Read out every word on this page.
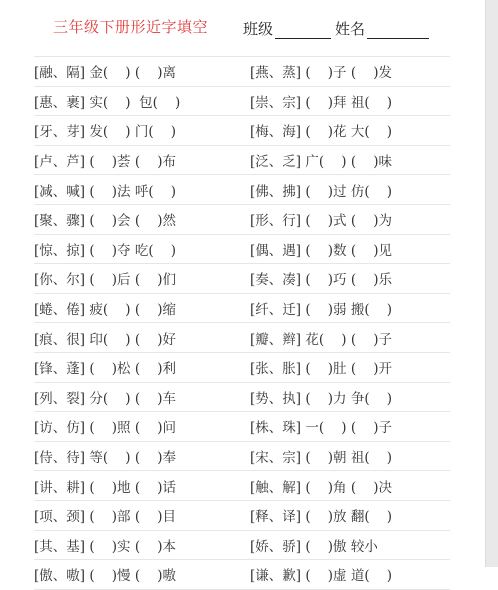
三年级下册形近字填空 班级	姓名
[融、隔] 金(    ) (    )离	[燕、蒸] (    )子 (    )发
[惠、裹] 实(    )  包(    )	[崇、宗] (    )拜 祖(    )
[牙、芽] 发(    ) 门(    )	[梅、海] (    )花 大(    )
[卢、芦] (    )荟 (    )布	[泛、乏] 广(    ) (    )味
[减、喊] (    )法 呼(    )	[佛、拂] (    )过 仿(    )
[聚、骤] (    )会 (    )然	[形、行] (    )式 (    )为
[惊、掠] (    )夺 吃(    )	[偶、遇] (    )数 (    )见
[你、尔] (    )后 (    )们	[奏、凑] (    )巧 (    )乐
[蜷、倦] 疲(    ) (    )缩	[纤、迁] (    )弱 搬(    )
[痕、很] 印(    ) (    )好	[瓣、辫] 花(    ) (    )子
[锋、蓬] (    )松 (    )利	[张、胀] (    )肚 (    )开
[列、裂] 分(    ) (    )车	[势、执] (    )力 争(    )
[访、仿] (    )照 (    )问	[株、珠] 一(    ) (    )子
[侍、待] 等(    ) (    )奉	[宋、宗] (    )朝 祖(    )
[讲、耕] (    )地 (    )话	[触、解] (    )角 (    )决
[项、颈] (    )部 (    )目	[释、译] (    )放 翻(    )
[其、基] (    )实 (    )本	[娇、骄] (    )傲 较小
[傲、嗷] (    )慢 (    )嗷	[谦、歉] (    )虚 道(    )
